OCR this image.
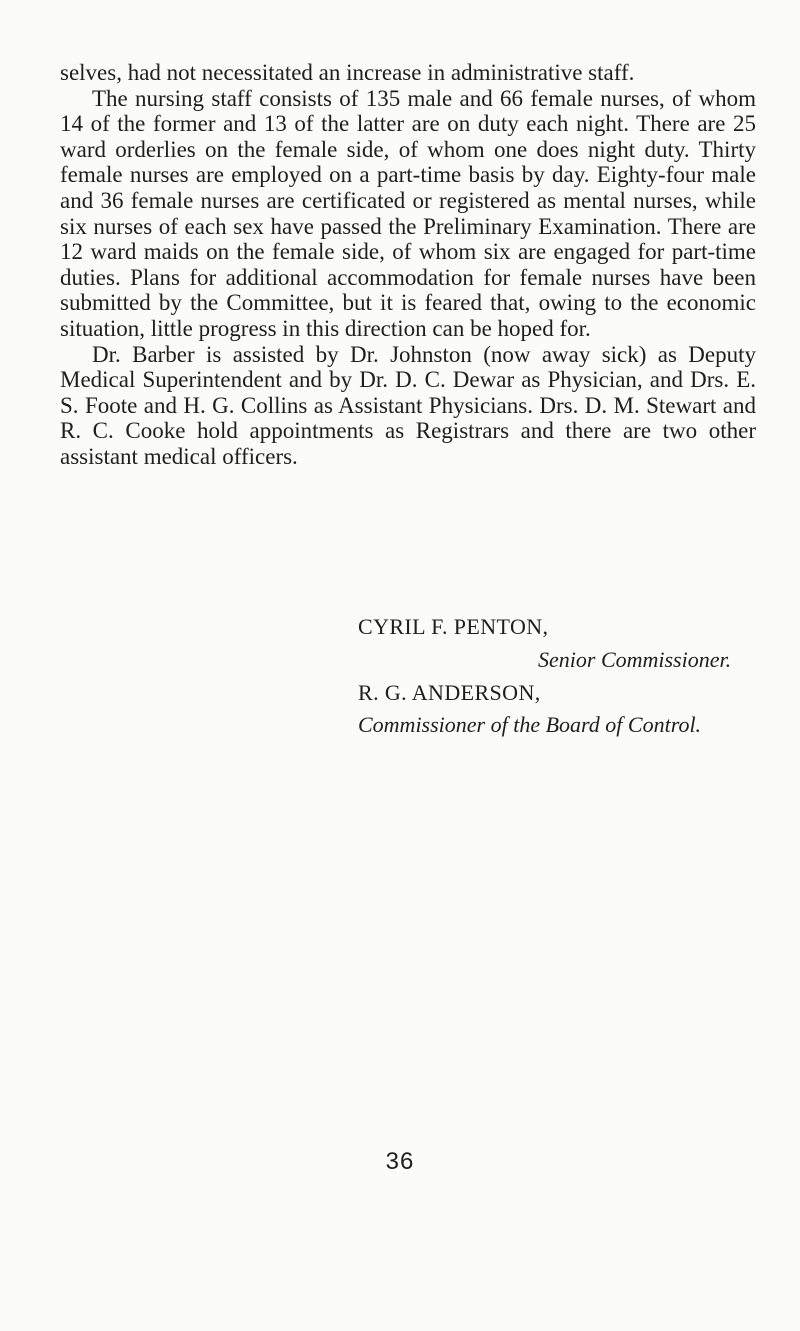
selves, had not necessitated an increase in administrative staff.

The nursing staff consists of 135 male and 66 female nurses, of whom 14 of the former and 13 of the latter are on duty each night. There are 25 ward orderlies on the female side, of whom one does night duty. Thirty female nurses are employed on a part-time basis by day. Eighty-four male and 36 female nurses are certificated or registered as mental nurses, while six nurses of each sex have passed the Preliminary Examination. There are 12 ward maids on the female side, of whom six are engaged for part-time duties. Plans for additional accommodation for female nurses have been submitted by the Committee, but it is feared that, owing to the economic situation, little progress in this direction can be hoped for.

Dr. Barber is assisted by Dr. Johnston (now away sick) as Deputy Medical Superintendent and by Dr. D. C. Dewar as Physician, and Drs. E. S. Foote and H. G. Collins as Assistant Physicians. Drs. D. M. Stewart and R. C. Cooke hold appointments as Registrars and there are two other assistant medical officers.

CYRIL F. PENTON,
Senior Commissioner.
R. G. ANDERSON,
Commissioner of the Board of Control.
36
